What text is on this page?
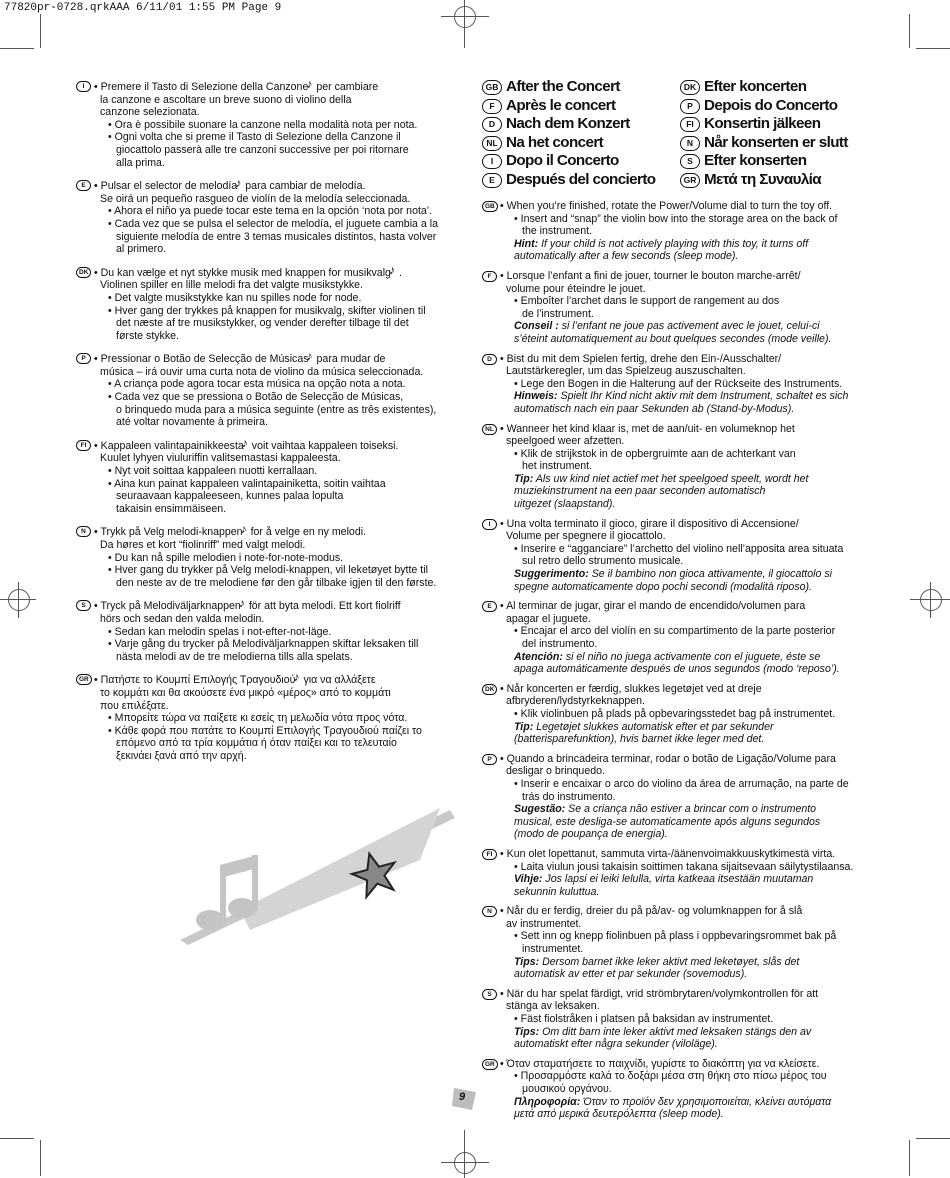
77820pr-0728.qrkAAA 6/11/01 1:55 PM Page 9
GB After the Concert
F Après le concert
D Nach dem Konzert
NL Na het concert
I Dopo il Concerto
E Después del concierto
DK Efter koncerten
P Depois do Concerto
FI Konsertin jälkeen
N Når konserten er slutt
S Efter konserten
GR Μετά τη Συναυλία
I • Premere il Tasto di Selezione della Canzone♪ per cambiare
la canzone e ascoltare un breve suono di violino della
canzone selezionata.
• Ora è possibile suonare la canzone nella modalità nota per nota.
• Ogni volta che si preme il Tasto di Selezione della Canzone il
giocattolo passerà alle tre canzoni successive per poi ritornare
alla prima.
E • Pulsar el selector de melodía♪ para cambiar de melodía.
Se oirá un pequeño rasgueo de violín de la melodía seleccionada.
• Ahora el niño ya puede tocar este tema en la opción ‘nota por nota’.
• Cada vez que se pulsa el selector de melodía, el juguete cambia a la
siguiente melodía de entre 3 temas musicales distintos, hasta volver
al primero.
DK • Du kan vælge et nyt stykke musik med knappen for musikvalg♪ .
Violinen spiller en lille melodi fra det valgte musikstykke.
• Det valgte musikstykke kan nu spilles node for node.
• Hver gang der trykkes på knappen for musikvalg, skifter violinen til
det næste af tre musikstykker, og vender derefter tilbage til det
første stykke.
P • Pressionar o Botão de Selecção de Músicas♪ para mudar de
música – irá ouvir uma curta nota de violino da música seleccionada.
• A criança pode agora tocar esta música na opção nota a nota.
• Cada vez que se pressiona o Botão de Selecção de Músicas,
o brinquedo muda para a música seguinte (entre as três existentes),
até voltar novamente à primeira.
FI • Kappaleen valintapainikkeesta♪ voit vaihtaa kappaleen toiseksi.
Kuulet lyhyen viuluriffin valitsemastasi kappaleesta.
• Nyt voit soittaa kappaleen nuotti kerrallaan.
• Aina kun painat kappaleen valintapainiketta, soitin vaihtaa
seuraavaan kappaleeseen, kunnes palaa lopulta
takaisin ensimmäiseen.
N • Trykk på Velg melodi-knappen♪ for å velge en ny melodi.
Da høres et kort “fiolinriff” med valgt melodi.
• Du kan nå spille melodien i note-for-note-modus.
• Hver gang du trykker på Velg melodi-knappen, vil leketøyet bytte til
den neste av de tre melodiene før den går tilbake igjen til den første.
S • Tryck på Melodiväljarknappen♪ för att byta melodi. Ett kort fiolriff
hörs och sedan den valda melodin.
• Sedan kan melodin spelas i not-efter-not-läge.
• Varje gång du trycker på Melodiväljarknappen skiftar leksaken till
nästa melodi av de tre melodierna tills alla spelats.
GR • Πατήστε το Κουμπί Επιλογής Τραγουδιού♪ για να αλλάξετε
το κομμάτι και θα ακούσετε ένα μικρό «μέρος» από το κομμάτι
που επιλέξατε.
• Μπορείτε τώρα να παίξετε κι εσείς τη μελωδία νότα προς νότα.
• Κάθε φορά που πατάτε το Κουμπί Επιλογής Τραγουδιού παίζει το
επόμενο από τα τρία κομμάτια ή όταν παίξει και το τελευταίο
ξεκινάει ξανά από την αρχή.
GB • When you’re finished, rotate the Power/Volume dial to turn the toy off.
• Insert and “snap” the violin bow into the storage area on the back of
the instrument.
Hint: If your child is not actively playing with this toy, it turns off
automatically after a few seconds (sleep mode).
F • Lorsque l’enfant a fini de jouer, tourner le bouton marche-arrêt/
volume pour éteindre le jouet.
• Emboîter l’archet dans le support de rangement au dos
de l’instrument.
Conseil : si l’enfant ne joue pas activement avec le jouet, celui-ci
s’éteint automatiquement au bout quelques secondes (mode veille).
D • Bist du mit dem Spielen fertig, drehe den Ein-/Ausschalter/
Lautstärkeregler, um das Spielzeug auszuschalten.
• Lege den Bogen in die Halterung auf der Rückseite des Instruments.
Hinweis: Spielt Ihr Kind nicht aktiv mit dem Instrument, schaltet es sich
automatisch nach ein paar Sekunden ab (Stand-by-Modus).
NL • Wanneer het kind klaar is, met de aan/uit- en volumeknop het
speelgoed weer afzetten.
• Klik de strijkstok in de opbergruimte aan de achterkant van
het instrument.
Tip: Als uw kind niet actief met het speelgoed speelt, wordt het
muziekinstrument na een paar seconden automatisch
uitgezet (slaapstand).
I • Una volta terminato il gioco, girare il dispositivo di Accensione/
Volume per spegnere il giocattolo.
• Inserire e “agganciare” l’archetto del violino nell’apposita area situata
sul retro dello strumento musicale.
Suggerimento: Se il bambino non gioca attivamente, il giocattolo si
spegne automaticamente dopo pochi secondi (modalità riposo).
E • Al terminar de jugar, girar el mando de encendido/volumen para
apagar el juguete.
• Encajar el arco del violín en su compartimento de la parte posterior
del instrumento.
Atención: si el niño no juega activamente con el juguete, éste se
apaga automáticamente después de unos segundos (modo ‘reposo’).
DK • Når koncerten er færdig, slukkes legetøjet ved at dreje
afbryderen/lydstyrkeknappen.
• Klik violinbuen på plads på opbevaringsstedet bag på instrumentet.
Tip: Legetøjet slukkes automatisk efter et par sekunder
(batterisparefunktion), hvis barnet ikke leger med det.
P • Quando a brincadeira terminar, rodar o botão de Ligação/Volume para
desligar o brinquedo.
• Inserir e encaixar o arco do violino da área de arrumação, na parte de
trás do instrumento.
Sugestão: Se a criança não estiver a brincar com o instrumento
musical, este desliga-se automaticamente após alguns segundos
(modo de poupança de energia).
FI • Kun olet lopettanut, sammuta virta-/äänenvoimakkuuskytkimestä virta.
• Laita viulun jousi takaisin soittimen takana sijaitsevaan säilytystilaansa.
Vihje: Jos lapsi ei leiki lelulla, virta katkeaa itsestään muutaman
sekunnin kuluttua.
N • Når du er ferdig, dreier du på på/av- og volumknappen for å slå
av instrumentet.
• Sett inn og knepp fiolinbuen på plass i oppbevaringsrommet bak på
instrumentet.
Tips: Dersom barnet ikke leker aktivt med leketøyet, slås det
automatisk av etter et par sekunder (sovemodus).
S • När du har spelat färdigt, vrid strömbrytaren/volymkontrollen för att
stänga av leksaken.
• Fäst fiolstråken i platsen på baksidan av instrumentet.
Tips: Om ditt barn inte leker aktivt med leksaken stängs den av
automatiskt efter några sekunder (viloläge).
GR • Όταν σταματήσετε το παιχνίδι, γυρίστε το διακόπτη για να κλείσετε.
• Προσαρμόστε καλά το δοξάρι μέσα στη θήκη στο πίσω μέρος του
μουσικού οργάνου.
Πληροφορία: Όταν το προϊόν δεν χρησιμοποιείται, κλείνει αυτόματα
μετά από μερικά δευτερόλεπτα (sleep mode).
9
